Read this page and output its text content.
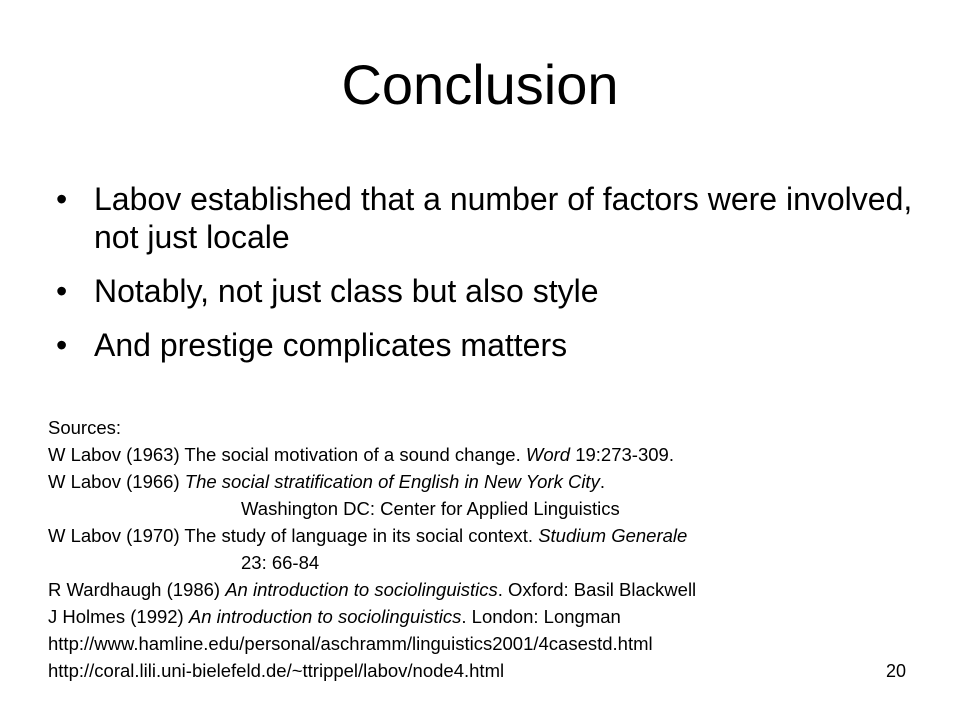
Conclusion
• Labov established that a number of factors were involved, not just locale
• Notably, not just class but also style
• And prestige complicates matters
Sources:
W Labov (1963) The social motivation of a sound change. Word 19:273-309.
W Labov (1966) The social stratification of English in New York City.
Washington DC: Center for Applied Linguistics
W Labov (1970) The study of language in its social context. Studium Generale
23: 66-84
R Wardhaugh (1986) An introduction to sociolinguistics. Oxford: Basil Blackwell
J Holmes (1992) An introduction to sociolinguistics. London: Longman
http://www.hamline.edu/personal/aschramm/linguistics2001/4casestd.html
http://coral.lili.uni-bielefeld.de/~ttrippel/labov/node4.html	20
